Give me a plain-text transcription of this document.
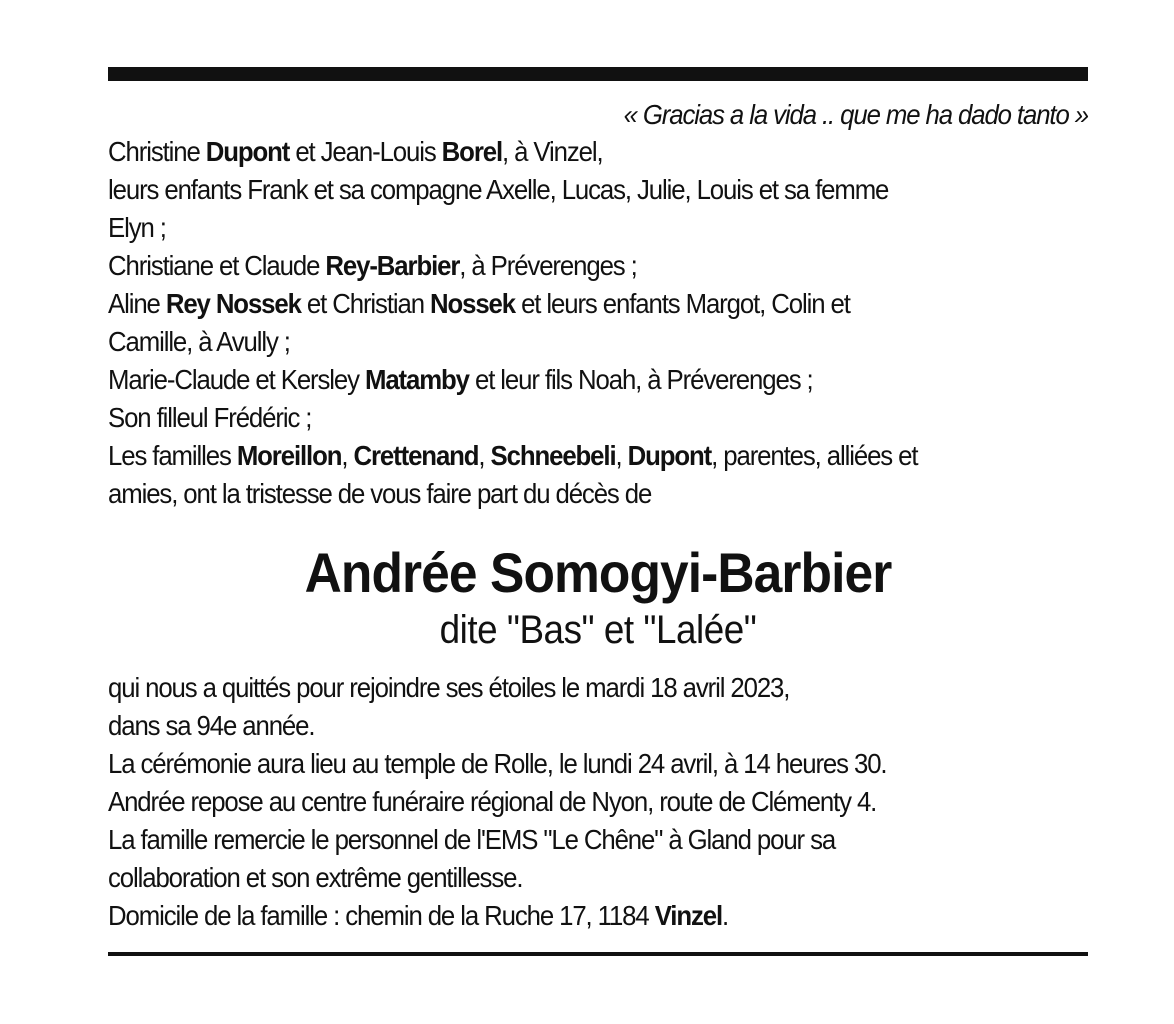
« Gracias a la vida .. que me ha dado tanto »
Christine Dupont et Jean-Louis Borel, à Vinzel,
leurs enfants Frank et sa compagne Axelle, Lucas, Julie, Louis et sa femme
Elyn ;
Christiane et Claude Rey-Barbier, à Préverenges ;
Aline Rey Nossek et Christian Nossek et leurs enfants Margot, Colin et
Camille, à Avully ;
Marie-Claude et Kersley Matamby et leur fils Noah, à Préverenges ;
Son filleul Frédéric ;
Les familles Moreillon, Crettenand, Schneebeli, Dupont, parentes, alliées et
amies, ont la tristesse de vous faire part du décès de
Andrée Somogyi-Barbier
dite "Bas" et "Lalée"
qui nous a quittés pour rejoindre ses étoiles le mardi 18 avril 2023,
dans sa 94e année.
La cérémonie aura lieu au temple de Rolle, le lundi 24 avril, à 14 heures 30.
Andrée repose au centre funéraire régional de Nyon, route de Clémenty 4.
La famille remercie le personnel de l'EMS "Le Chêne" à Gland pour sa
collaboration et son extrême gentillesse.
Domicile de la famille : chemin de la Ruche 17, 1184 Vinzel.
